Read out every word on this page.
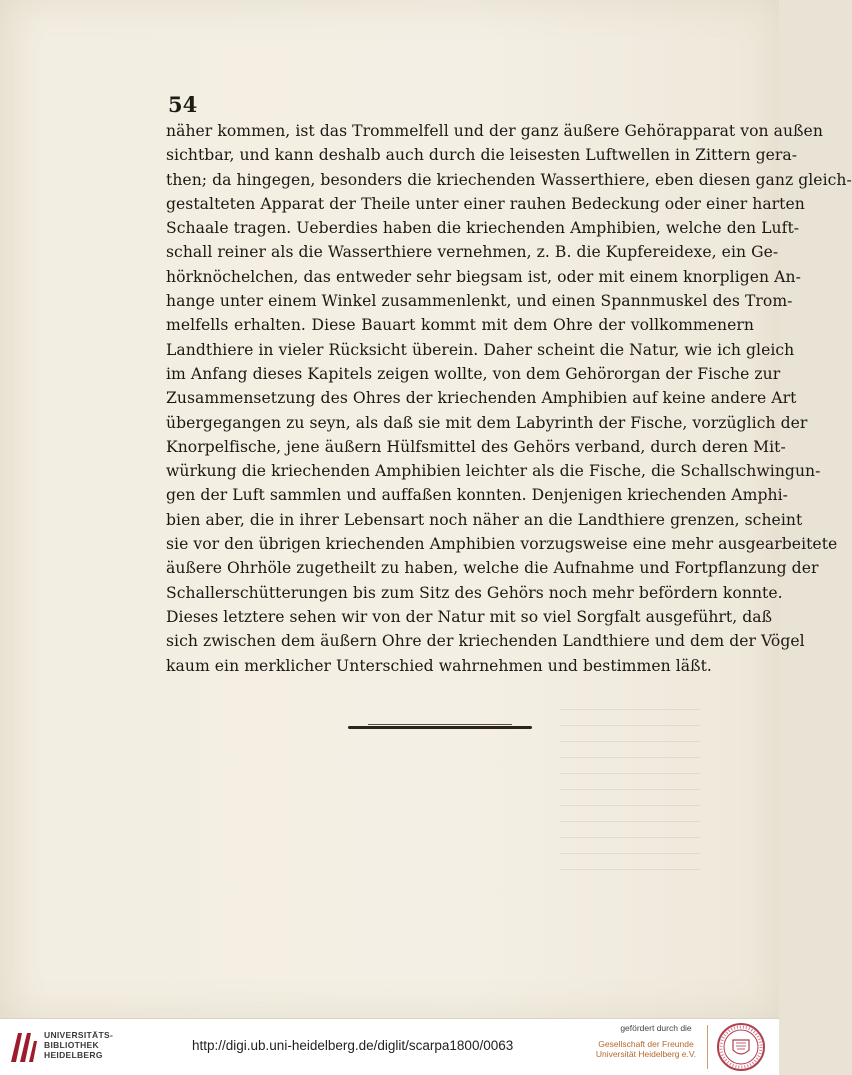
54
näher kommen, ist das Trommelfell und der ganz äußere Gehörapparat von außen
sichtbar, und kann deshalb auch durch die leisesten Luftwellen in Zittern gera-
then; da hingegen, besonders die kriechenden Wasserthiere, eben diesen ganz gleich-
gestalteten Apparat der Theile unter einer rauhen Bedeckung oder einer harten
Schaale tragen. Ueberdies haben die kriechenden Amphibien, welche den Luft-
schall reiner als die Wasserthiere vernehmen, z. B. die Kupfereidexe, ein Ge-
hörknöchelchen, das entweder sehr biegsam ist, oder mit einem knorpligen An-
hange unter einem Winkel zusammenlenkt, und einen Spannmuskel des Trom-
melfells erhalten. Diese Bauart kommt mit dem Ohre der vollkommenern
Landthiere in vieler Rücksicht überein. Daher scheint die Natur, wie ich gleich
im Anfang dieses Kapitels zeigen wollte, von dem Gehörorgan der Fische zur
Zusammensetzung des Ohres der kriechenden Amphibien auf keine andere Art
übergegangen zu seyn, als daß sie mit dem Labyrinth der Fische, vorzüglich der
Knorpelfische, jene äußern Hülfsmittel des Gehörs verband, durch deren Mit-
würkung die kriechenden Amphibien leichter als die Fische, die Schallschwingun-
gen der Luft sammlen und auffaßen konnten. Denjenigen kriechenden Amphi-
bien aber, die in ihrer Lebensart noch näher an die Landthiere grenzen, scheint
sie vor den übrigen kriechenden Amphibien vorzugsweise eine mehr ausgearbeitete
äußere Ohrhöle zugetheilt zu haben, welche die Aufnahme und Fortpflanzung der
Schallerschütterungen bis zum Sitz des Gehörs noch mehr befördern konnte.
Dieses letztere sehen wir von der Natur mit so viel Sorgfalt ausgeführt, daß
sich zwischen dem äußern Ohre der kriechenden Landthiere und dem der Vögel
kaum ein merklicher Unterschied wahrnehmen und bestimmen läßt.
UNIVERSITÄTS-
BIBLIOTHEK
HEIDELBERG
http://digi.ub.uni-heidelberg.de/diglit/scarpa1800/0063
gefördert durch die
Gesellschaft der Freunde
Universität Heidelberg e.V.
